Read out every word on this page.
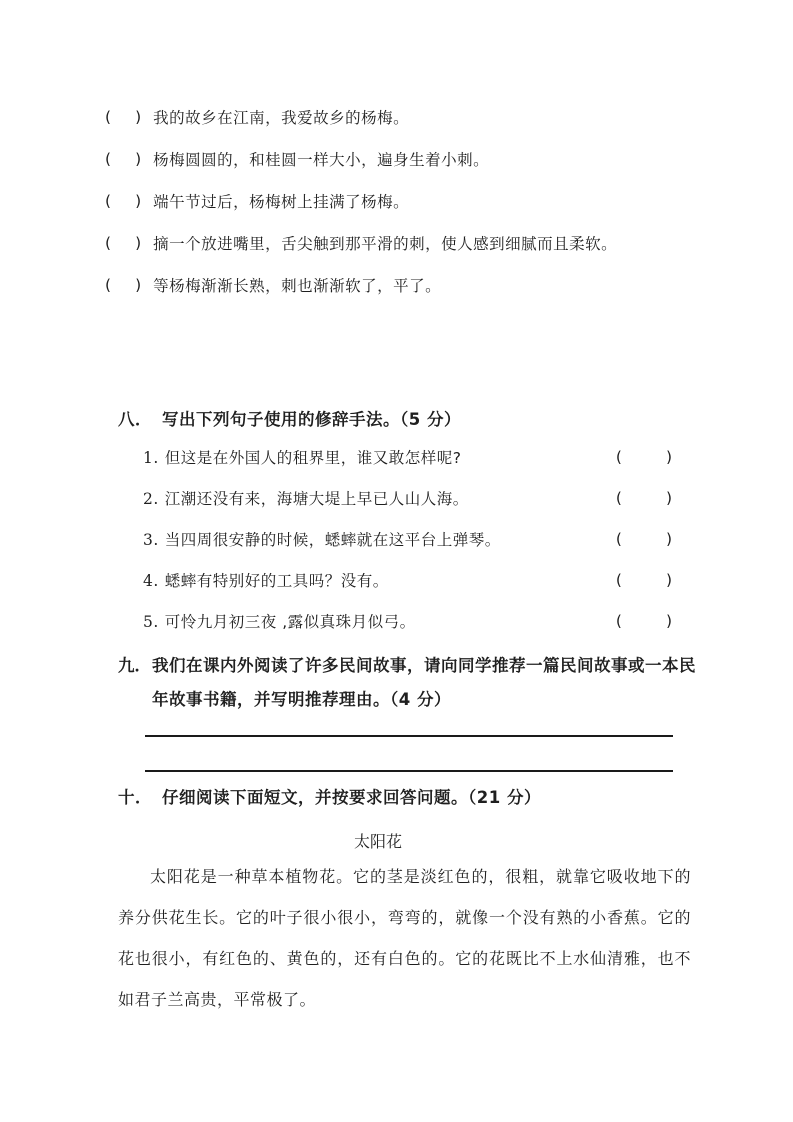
( ) 我的故乡在江南，我爱故乡的杨梅。
( ) 杨梅圆圆的，和桂圆一样大小，遍身生着小刺。
( ) 端午节过后，杨梅树上挂满了杨梅。
( ) 摘一个放进嘴里，舌尖触到那平滑的刺，使人感到细腻而且柔软。
( ) 等杨梅渐渐长熟，刺也渐渐软了，平了。
八． 写出下列句子使用的修辞手法。（5 分）
1. 但这是在外国人的租界里，谁又敢怎样呢?	(	)
2. 江潮还没有来，海塘大堤上早已人山人海。	(	)
3. 当四周很安静的时候，蟋蟀就在这平台上弹琴。	(	)
4. 蟋蟀有特别好的工具吗？没有。	(	)
5. 可怜九月初三夜 ,露似真珠月似弓。	(	)
九． 我们在课内外阅读了许多民间故事，请向同学推荐一篇民间故事或一本民
年故事书籍，并写明推荐理由。（4 分）
十． 仔细阅读下面短文，并按要求回答问题。（21 分）
太阳花
太阳花是一种草本植物花。它的茎是淡红色的，很粗，就靠它吸收地下的养分供花生长。它的叶子很小很小，弯弯的，就像一个没有熟的小香蕉。它的花也很小，有红色的、黄色的，还有白色的。它的花既比不上水仙清雅，也不如君子兰高贵，平常极了。
